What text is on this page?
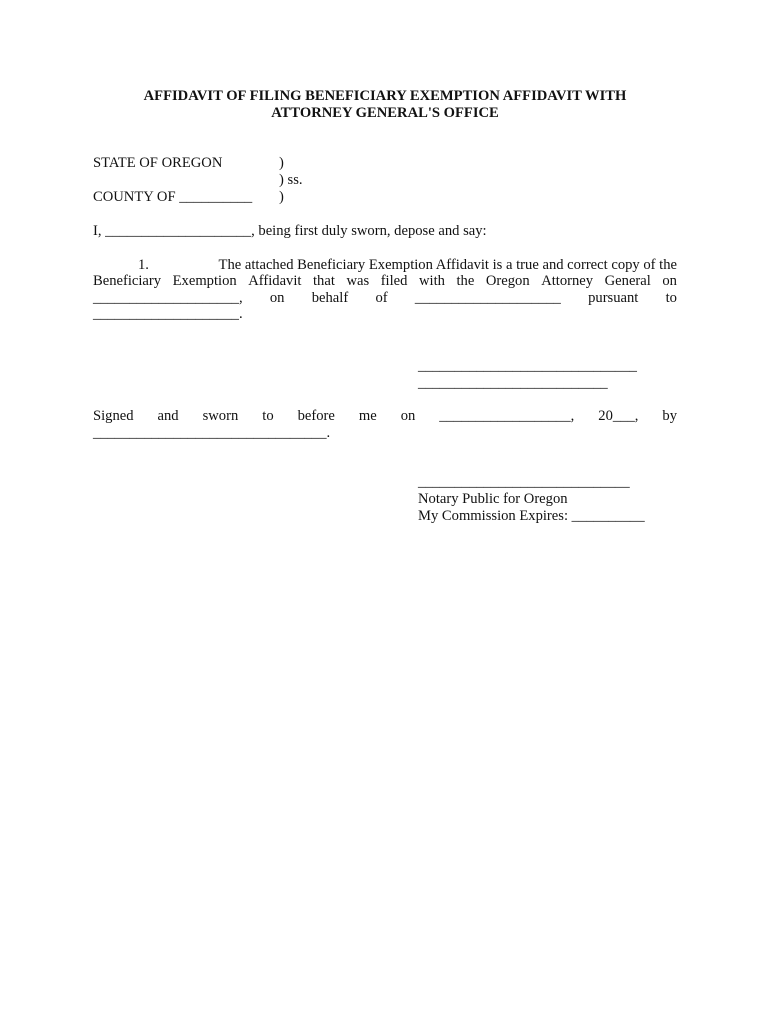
AFFIDAVIT OF FILING BENEFICIARY EXEMPTION AFFIDAVIT WITH
ATTORNEY GENERAL'S OFFICE
STATE OF OREGON	)
) ss.
COUNTY OF __________ )
I, ____________________, being first duly sworn, depose and say:
1.	The attached Beneficiary Exemption Affidavit is a true and correct copy of the
Beneficiary Exemption Affidavit that was filed with the Oregon Attorney General on
____________________, on behalf of ____________________ pursuant to
____________________.
______________________________
__________________________
Signed and sworn to before me on __________________, 20___, by
________________________________.
_____________________________
Notary Public for Oregon
My Commission Expires: __________
